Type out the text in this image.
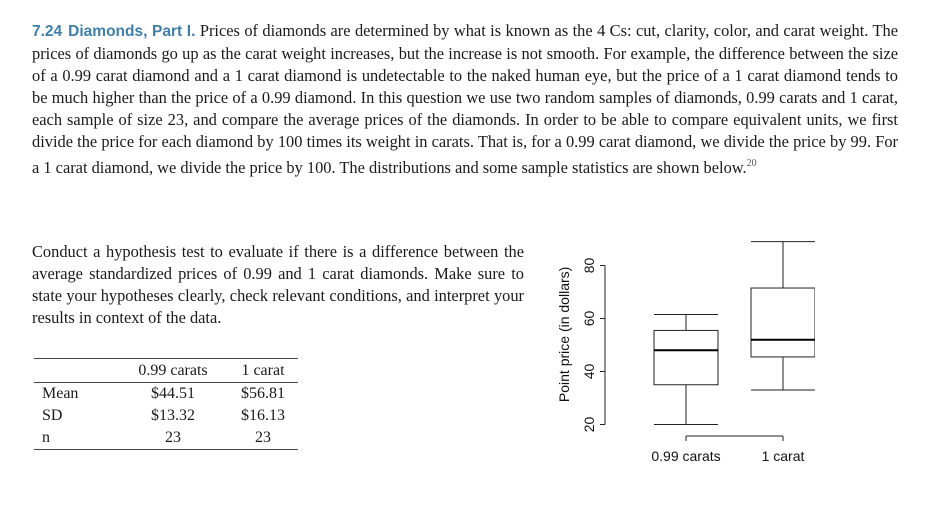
7.24 Diamonds, Part I. Prices of diamonds are determined by what is known as the 4 Cs: cut, clarity, color, and carat weight. The prices of diamonds go up as the carat weight increases, but the increase is not smooth. For example, the difference between the size of a 0.99 carat diamond and a 1 carat diamond is undetectable to the naked human eye, but the price of a 1 carat diamond tends to be much higher than the price of a 0.99 diamond. In this question we use two random samples of diamonds, 0.99 carats and 1 carat, each sample of size 23, and compare the average prices of the diamonds. In order to be able to compare equivalent units, we first divide the price for each diamond by 100 times its weight in carats. That is, for a 0.99 carat diamond, we divide the price by 99. For a 1 carat diamond, we divide the price by 100. The distributions and some sample statistics are shown below.$^{20}$
Conduct a hypothesis test to evaluate if there is a difference between the average standardized prices of 0.99 and 1 carat diamonds. Make sure to state your hypotheses clearly, check relevant conditions, and interpret your results in context of the data.
	0.99 carats	1 carat
Mean	$44.51	$56.81
SD	$13.32	$16.13
n	23	23
20
40
60
80
Point price (in dollars)
0.99 carats	1 carat
